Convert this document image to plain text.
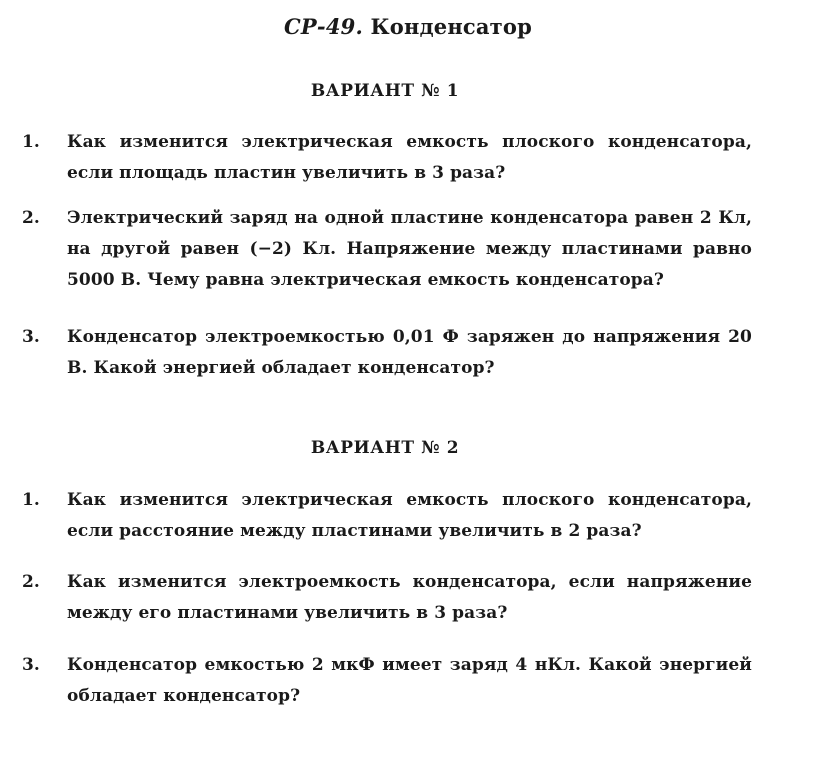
СР-49. Конденсатор
ВАРИАНТ № 1
1.	Как изменится электрическая емкость плоского конденсатора, если площадь пластин увеличить в 3 раза?
2.	Электрический заряд на одной пластине конденсатора равен 2 Кл, на другой равен (−2) Кл. Напряжение между пластинами равно 5000 В. Чему равна электрическая емкость конденсатора?
3.	Конденсатор электроемкостью 0,01 Ф заряжен до напряжения 20 В. Какой энергией обладает конденсатор?
ВАРИАНТ № 2
1.	Как изменится электрическая емкость плоского конденсатора, если расстояние между пластинами увеличить в 2 раза?
2.	Как изменится электроемкость конденсатора, если напряжение между его пластинами увеличить в 3 раза?
3.	Конденсатор емкостью 2 мкФ имеет заряд 4 нКл. Какой энергией обладает конденсатор?
